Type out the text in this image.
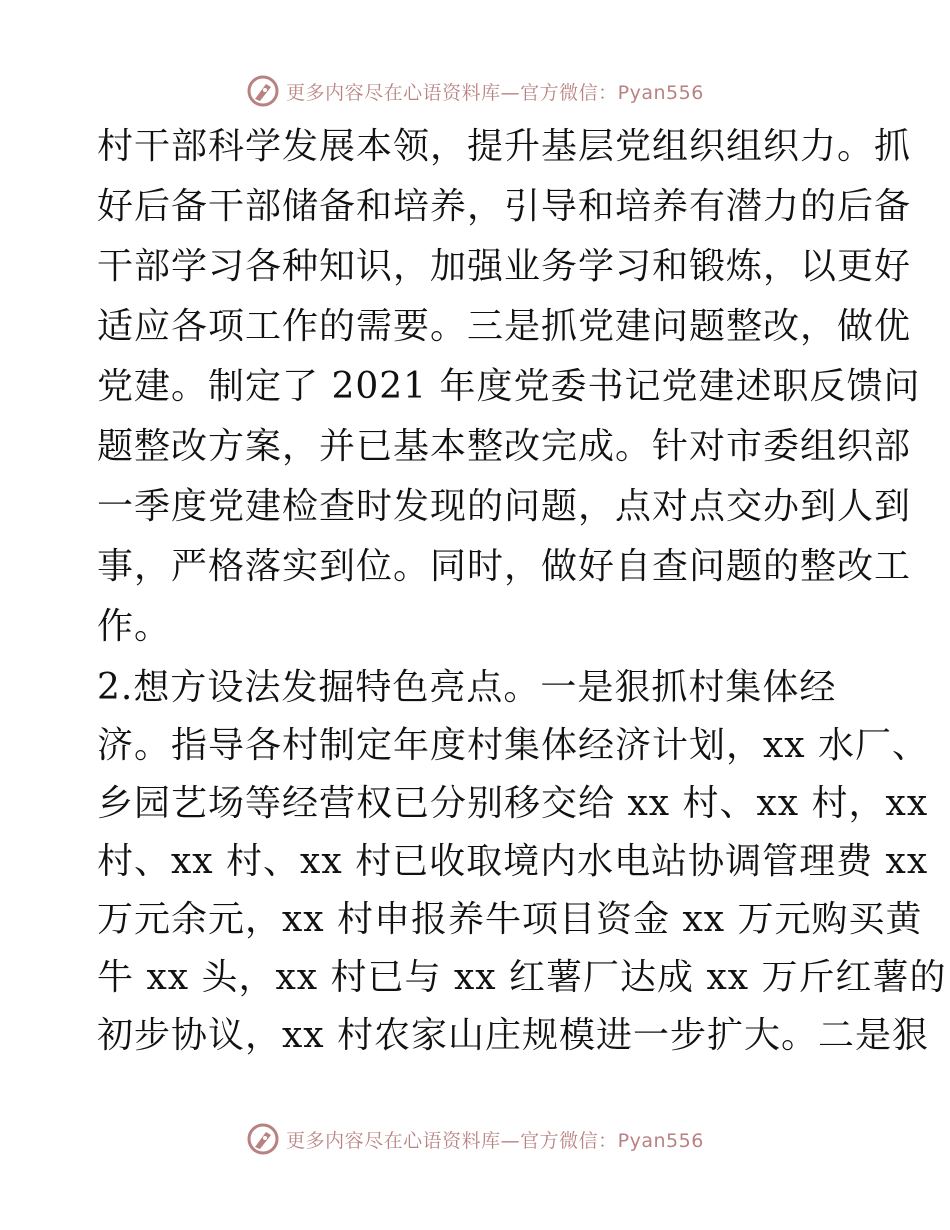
更多内容尽在心语资料库—官方微信：Pyan556
村干部科学发展本领，提升基层党组织组织力。抓
好后备干部储备和培养，引导和培养有潜力的后备
干部学习各种知识，加强业务学习和锻炼，以更好
适应各项工作的需要。三是抓党建问题整改，做优
党建。制定了 2021 年度党委书记党建述职反馈问
题整改方案，并已基本整改完成。针对市委组织部
一季度党建检查时发现的问题，点对点交办到人到
事，严格落实到位。同时，做好自查问题的整改工
作。
2.想方设法发掘特色亮点。一是狠抓村集体经
济。指导各村制定年度村集体经济计划，xx 水厂、
乡园艺场等经营权已分别移交给 xx 村、xx 村，xx
村、xx 村、xx 村已收取境内水电站协调管理费 xx
万元余元，xx 村申报养牛项目资金 xx 万元购买黄
牛 xx 头，xx 村已与 xx 红薯厂达成 xx 万斤红薯的
初步协议，xx 村农家山庄规模进一步扩大。二是狠
更多内容尽在心语资料库—官方微信：Pyan556
